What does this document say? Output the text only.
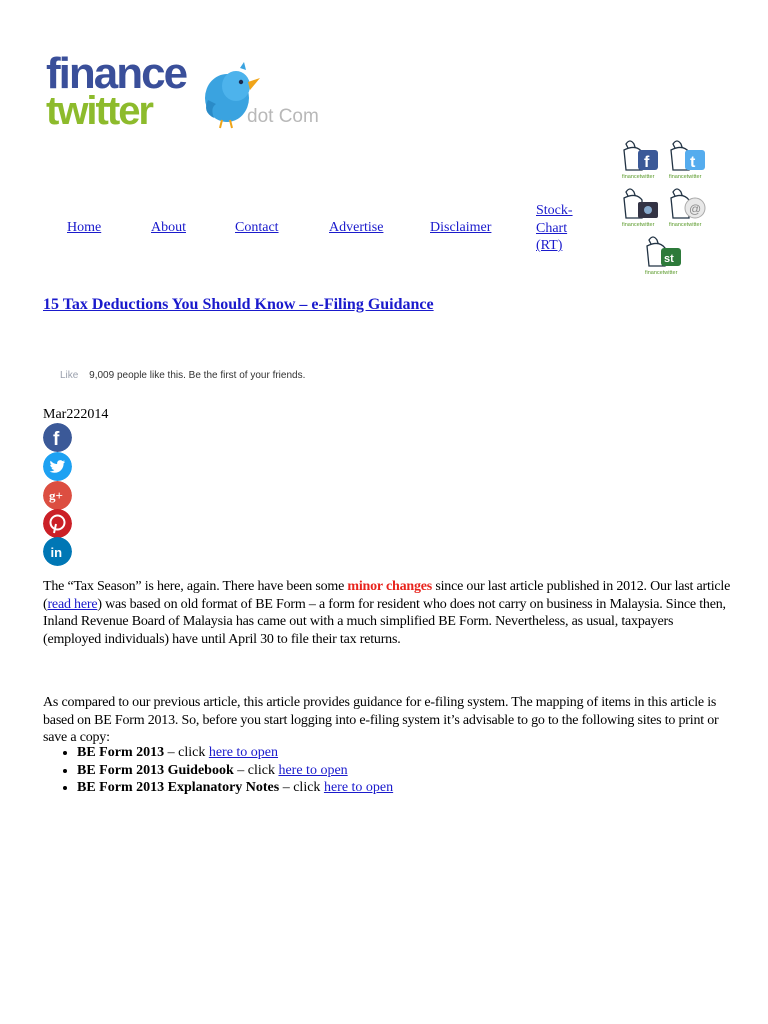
finance
twitter	dot Com
Home	About	Contact	Advertise	Disclaimer
Stock-Chart (RT)
f
financetwitter
t
financetwitter
financetwitter
@
financetwitter
st
financetwitter
15 Tax Deductions You Should Know – e-Filing Guidance
Like 9,009 people like this. Be the first of your friends.
Mar222014
f
g+
in

The “Tax Season” is here, again. There have been some minor changes since our last article published in 2012. Our last article (read here) was based on old format of BE Form – a form for resident who does not carry on business in Malaysia. Since then, Inland Revenue Board of Malaysia has came out with a much simplified BE Form. Nevertheless, as usual, taxpayers (employed individuals) have until April 30 to file their tax returns.

As compared to our previous article, this article provides guidance for e-filing system. The mapping of items in this article is based on BE Form 2013. So, before you start logging into e-filing system it’s advisable to go to the following sites to print or save a copy:

• BE Form 2013 – click here to open
• BE Form 2013 Guidebook – click here to open
• BE Form 2013 Explanatory Notes – click here to open
